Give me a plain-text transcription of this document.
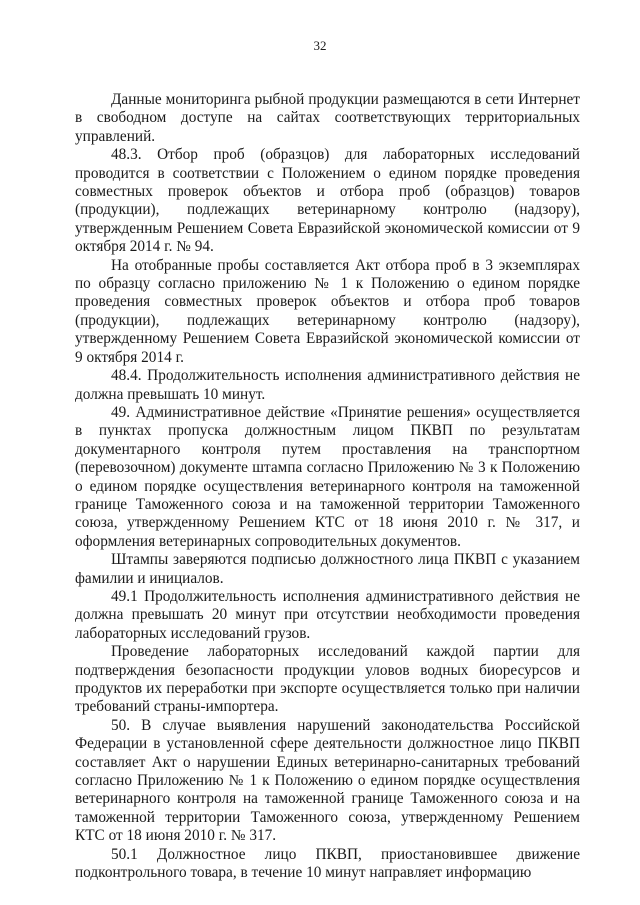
32

Данные мониторинга рыбной продукции размещаются в сети Интернет в свободном доступе на сайтах соответствующих территориальных управлений.

48.3. Отбор проб (образцов) для лабораторных исследований проводится в соответствии с Положением о едином порядке проведения совместных проверок объектов и отбора проб (образцов) товаров (продукции), подлежащих ветеринарному контролю (надзору), утвержденным Решением Совета Евразийской экономической комиссии от 9 октября 2014 г. № 94.

На отобранные пробы составляется Акт отбора проб в 3 экземплярах по образцу согласно приложению № 1 к Положению о едином порядке проведения совместных проверок объектов и отбора проб товаров (продукции), подлежащих ветеринарному контролю (надзору), утвержденному Решением Совета Евразийской экономической комиссии от 9 октября 2014 г.

48.4. Продолжительность исполнения административного действия не должна превышать 10 минут.

49. Административное действие «Принятие решения» осуществляется в пунктах пропуска должностным лицом ПКВП по результатам документарного контроля путем проставления на транспортном (перевозочном) документе штампа согласно Приложению № 3 к Положению о едином порядке осуществления ветеринарного контроля на таможенной границе Таможенного союза и на таможенной территории Таможенного союза, утвержденному Решением КТС от 18 июня 2010 г. № 317, и оформления ветеринарных сопроводительных документов.

Штампы заверяются подписью должностного лица ПКВП с указанием фамилии и инициалов.

49.1 Продолжительность исполнения административного действия не должна превышать 20 минут при отсутствии необходимости проведения лабораторных исследований грузов.

Проведение лабораторных исследований каждой партии для подтверждения безопасности продукции уловов водных биоресурсов и продуктов их переработки при экспорте осуществляется только при наличии требований страны-импортера.

50. В случае выявления нарушений законодательства Российской Федерации в установленной сфере деятельности должностное лицо ПКВП составляет Акт о нарушении Единых ветеринарно-санитарных требований согласно Приложению № 1 к Положению о едином порядке осуществления ветеринарного контроля на таможенной границе Таможенного союза и на таможенной территории Таможенного союза, утвержденному Решением КТС от 18 июня 2010 г. № 317.

50.1 Должностное лицо ПКВП, приостановившее движение подконтрольного товара, в течение 10 минут направляет информацию
